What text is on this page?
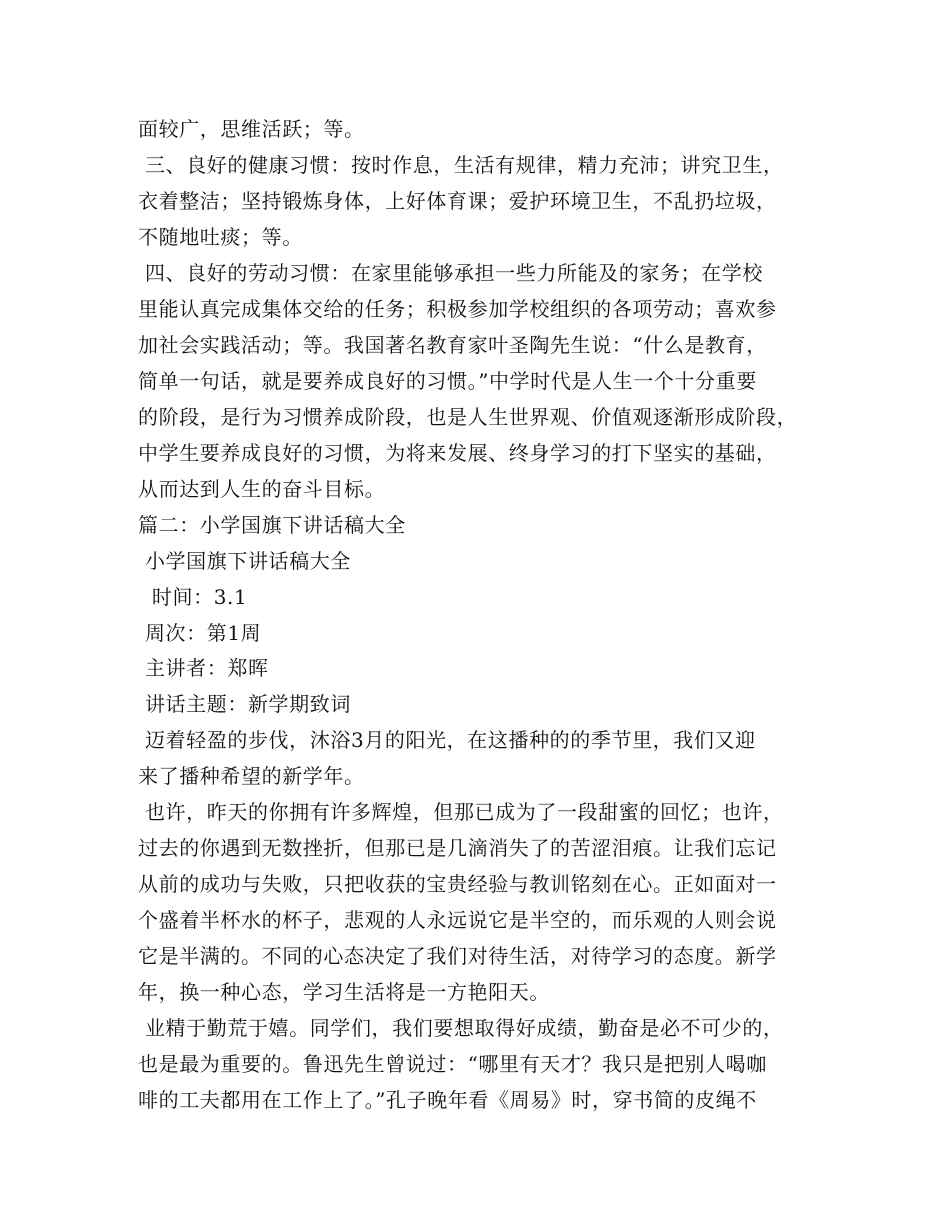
面较广，思维活跃；等。
三、良好的健康习惯：按时作息，生活有规律，精力充沛；讲究卫生，
衣着整洁；坚持锻炼身体，上好体育课；爱护环境卫生，不乱扔垃圾，
不随地吐痰；等。
四、良好的劳动习惯：在家里能够承担一些力所能及的家务；在学校
里能认真完成集体交给的任务；积极参加学校组织的各项劳动；喜欢参
加社会实践活动；等。我国著名教育家叶圣陶先生说：“什么是教育，
简单一句话，就是要养成良好的习惯。”中学时代是人生一个十分重要
的阶段，是行为习惯养成阶段，也是人生世界观、价值观逐渐形成阶段，
中学生要养成良好的习惯，为将来发展、终身学习的打下坚实的基础，
从而达到人生的奋斗目标。
篇二：小学国旗下讲话稿大全
小学国旗下讲话稿大全
时间：3.1
周次：第1周
主讲者：郑晖
讲话主题：新学期致词
迈着轻盈的步伐，沐浴3月的阳光，在这播种的的季节里，我们又迎
来了播种希望的新学年。
也许，昨天的你拥有许多辉煌，但那已成为了一段甜蜜的回忆；也许，
过去的你遇到无数挫折，但那已是几滴消失了的苦涩泪痕。让我们忘记
从前的成功与失败，只把收获的宝贵经验与教训铭刻在心。正如面对一
个盛着半杯水的杯子，悲观的人永远说它是半空的，而乐观的人则会说
它是半满的。不同的心态决定了我们对待生活，对待学习的态度。新学
年，换一种心态，学习生活将是一方艳阳天。
业精于勤荒于嬉。同学们，我们要想取得好成绩，勤奋是必不可少的，
也是最为重要的。鲁迅先生曾说过：“哪里有天才？我只是把别人喝咖
啡的工夫都用在工作上了。”孔子晚年看《周易》时，穿书简的皮绳不
